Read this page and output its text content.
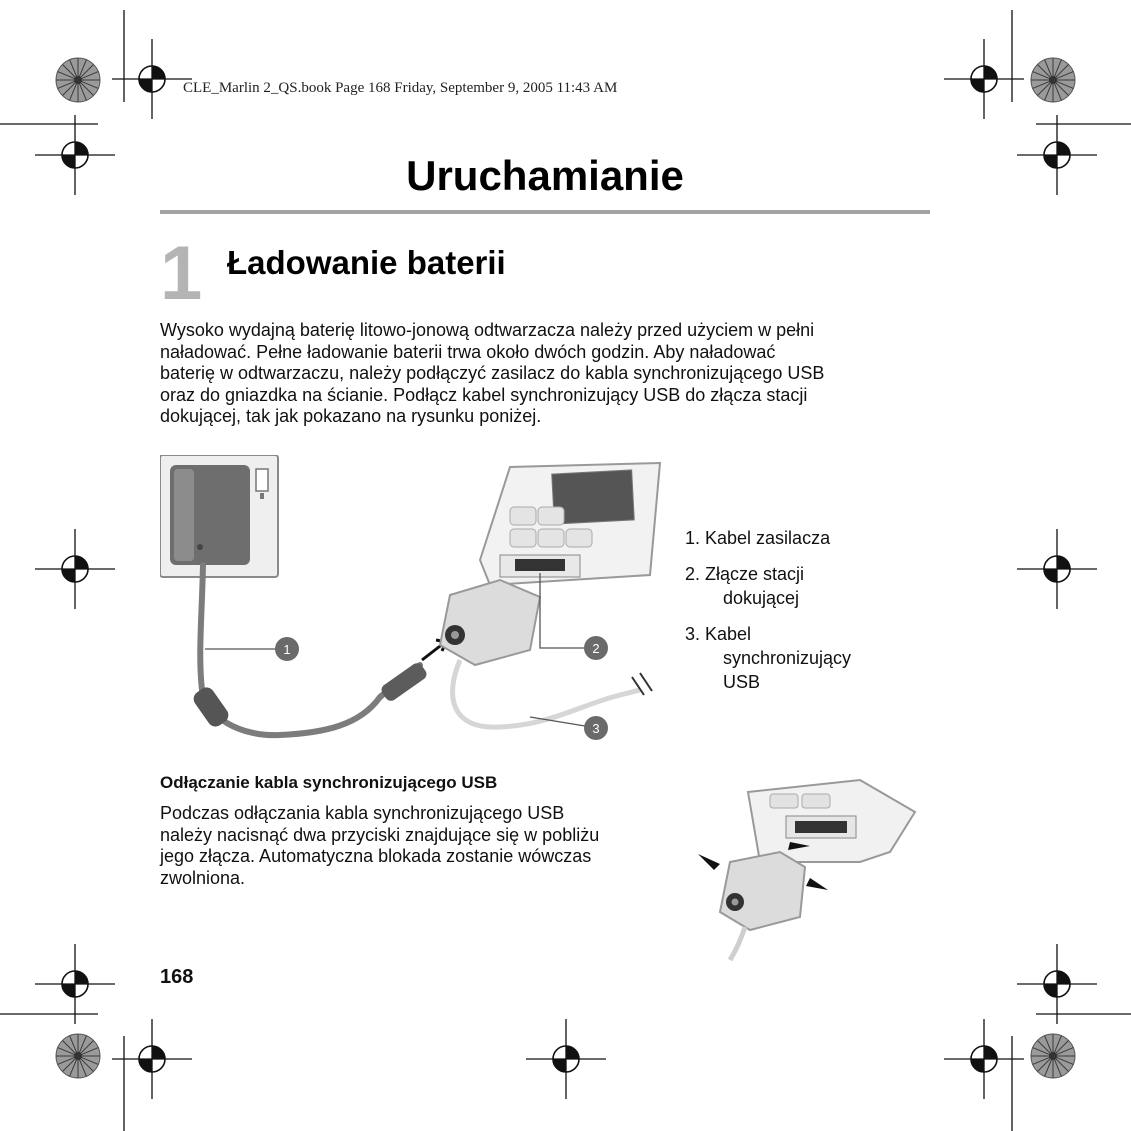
CLE_Marlin 2_QS.book Page 168 Friday, September 9, 2005 11:43 AM
Uruchamianie
1 Ładowanie baterii
Wysoko wydajną baterię litowo-jonową odtwarzacza należy przed użyciem w pełni
naładować. Pełne ładowanie baterii trwa około dwóch godzin. Aby naładować
baterię w odtwarzaczu, należy podłączyć zasilacz do kabla synchronizującego USB
oraz do gniazdka na ścianie. Podłącz kabel synchronizujący USB do złącza stacji
dokującej, tak jak pokazano na rysunku poniżej.
1	2
3
1. Kabel zasilacza
2. Złącze stacji
dokującej
3. Kabel
synchronizujący
USB
Odłączanie kabla synchronizującego USB
Podczas odłączania kabla synchronizującego USB
należy nacisnąć dwa przyciski znajdujące się w pobliżu
jego złącza. Automatyczna blokada zostanie wówczas
zwolniona.
168
